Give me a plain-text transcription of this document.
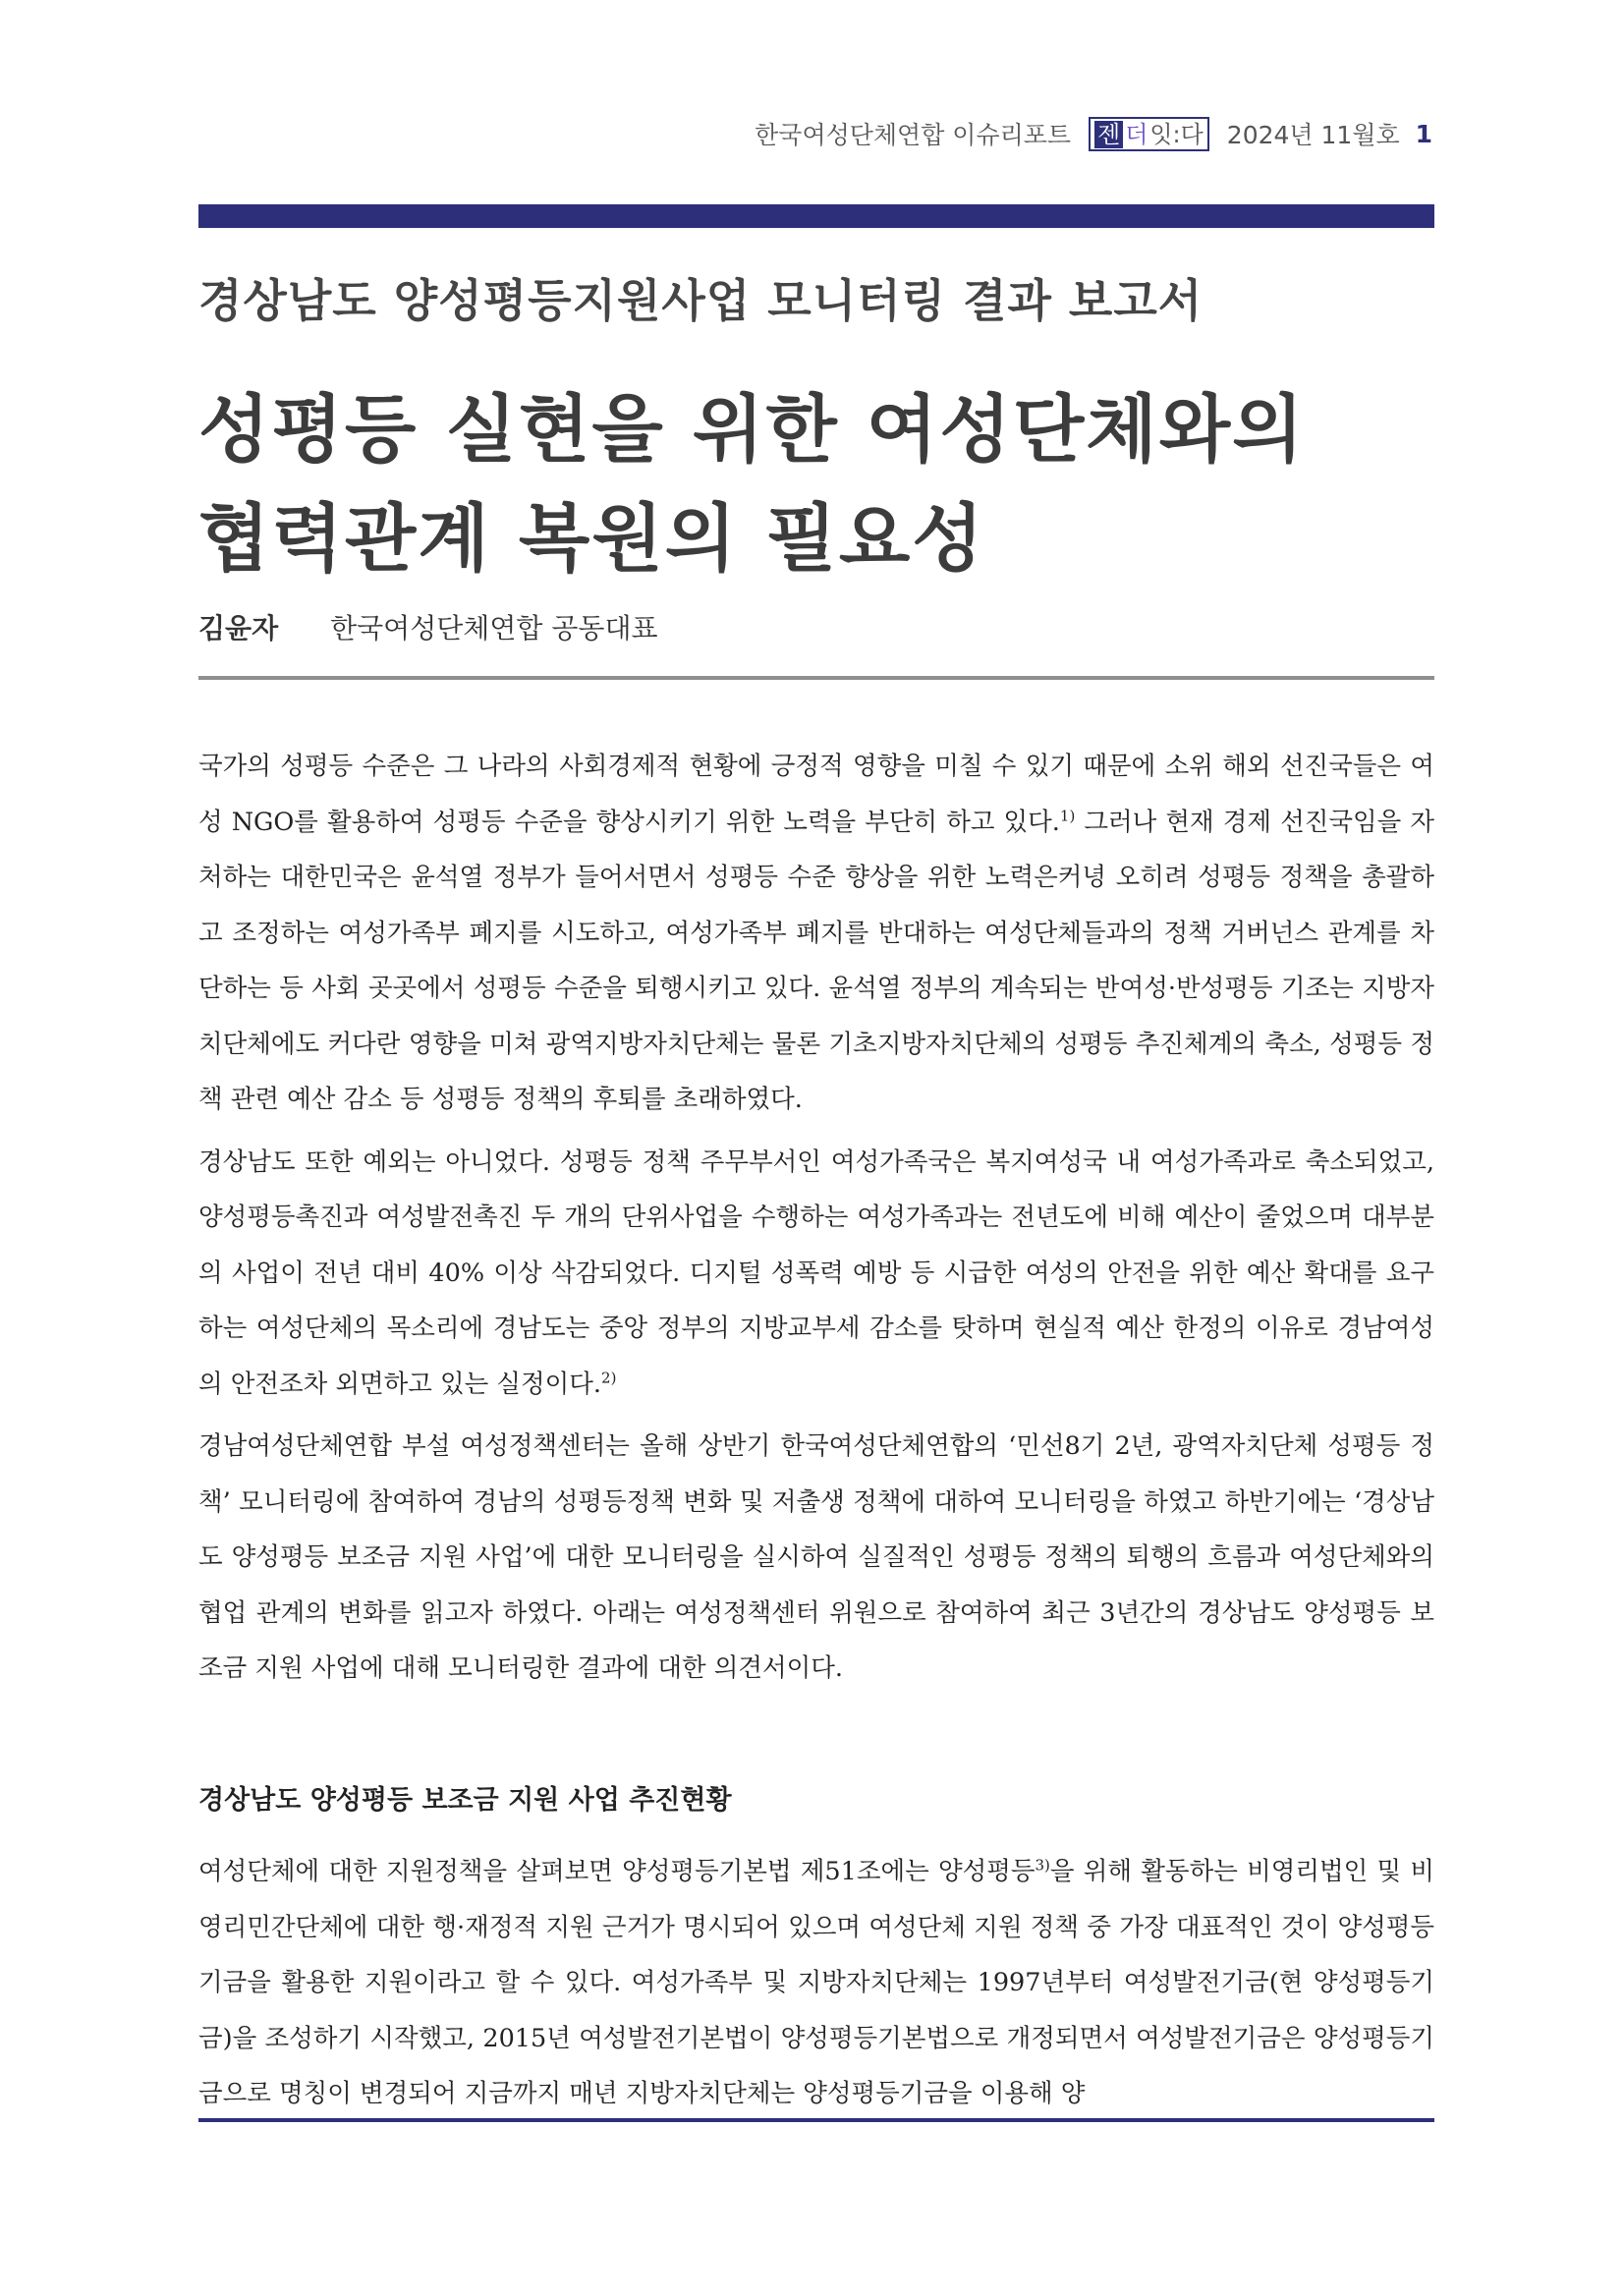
한국여성단체연합 이슈리포트 젠 더잇:다 2024년 11월호 1
경상남도 양성평등지원사업 모니터링 결과 보고서
성평등 실현을 위한 여성단체와의
협력관계 복원의 필요성
김윤자 한국여성단체연합 공동대표

국가의 성평등 수준은 그 나라의 사회경제적 현황에 긍정적 영향을 미칠 수 있기 때문에 소위 해외 선진국들은 여성 NGO를 활용하여 성평등 수준을 향상시키기 위한 노력을 부단히 하고 있다.$^{1)}$ 그러나 현재 경제 선진국임을 자처하는 대한민국은 윤석열 정부가 들어서면서 성평등 수준 향상을 위한 노력은커녕 오히려 성평등 정책을 총괄하고 조정하는 여성가족부 폐지를 시도하고, 여성가족부 폐지를 반대하는 여성단체들과의 정책 거버넌스 관계를 차단하는 등 사회 곳곳에서 성평등 수준을 퇴행시키고 있다. 윤석열 정부의 계속되는 반여성·반성평등 기조는 지방자치단체에도 커다란 영향을 미쳐 광역지방자치단체는 물론 기초지방자치단체의 성평등 추진체계의 축소, 성평등 정책 관련 예산 감소 등 성평등 정책의 후퇴를 초래하였다.

경상남도 또한 예외는 아니었다. 성평등 정책 주무부서인 여성가족국은 복지여성국 내 여성가족과로 축소되었고, 양성평등촉진과 여성발전촉진 두 개의 단위사업을 수행하는 여성가족과는 전년도에 비해 예산이 줄었으며 대부분의 사업이 전년 대비 40% 이상 삭감되었다. 디지털 성폭력 예방 등 시급한 여성의 안전을 위한 예산 확대를 요구하는 여성단체의 목소리에 경남도는 중앙 정부의 지방교부세 감소를 탓하며 현실적 예산 한정의 이유로 경남여성의 안전조차 외면하고 있는 실정이다.$^{2)}$

경남여성단체연합 부설 여성정책센터는 올해 상반기 한국여성단체연합의 ‘민선8기 2년, 광역자치단체 성평등 정책’ 모니터링에 참여하여 경남의 성평등정책 변화 및 저출생 정책에 대하여 모니터링을 하였고 하반기에는 ‘경상남도 양성평등 보조금 지원 사업’에 대한 모니터링을 실시하여 실질적인 성평등 정책의 퇴행의 흐름과 여성단체와의 협업 관계의 변화를 읽고자 하였다. 아래는 여성정책센터 위원으로 참여하여 최근 3년간의 경상남도 양성평등 보조금 지원 사업에 대해 모니터링한 결과에 대한 의견서이다.

경상남도 양성평등 보조금 지원 사업 추진현황

여성단체에 대한 지원정책을 살펴보면 양성평등기본법 제51조에는 양성평등$^{3)}$을 위해 활동하는 비영리법인 및 비영리민간단체에 대한 행·재정적 지원 근거가 명시되어 있으며 여성단체 지원 정책 중 가장 대표적인 것이 양성평등기금을 활용한 지원이라고 할 수 있다. 여성가족부 및 지방자치단체는 1997년부터 여성발전기금(현 양성평등기금)을 조성하기 시작했고, 2015년 여성발전기본법이 양성평등기본법으로 개정되면서 여성발전기금은 양성평등기금으로 명칭이 변경되어 지금까지 매년 지방자치단체는 양성평등기금을 이용해 양
